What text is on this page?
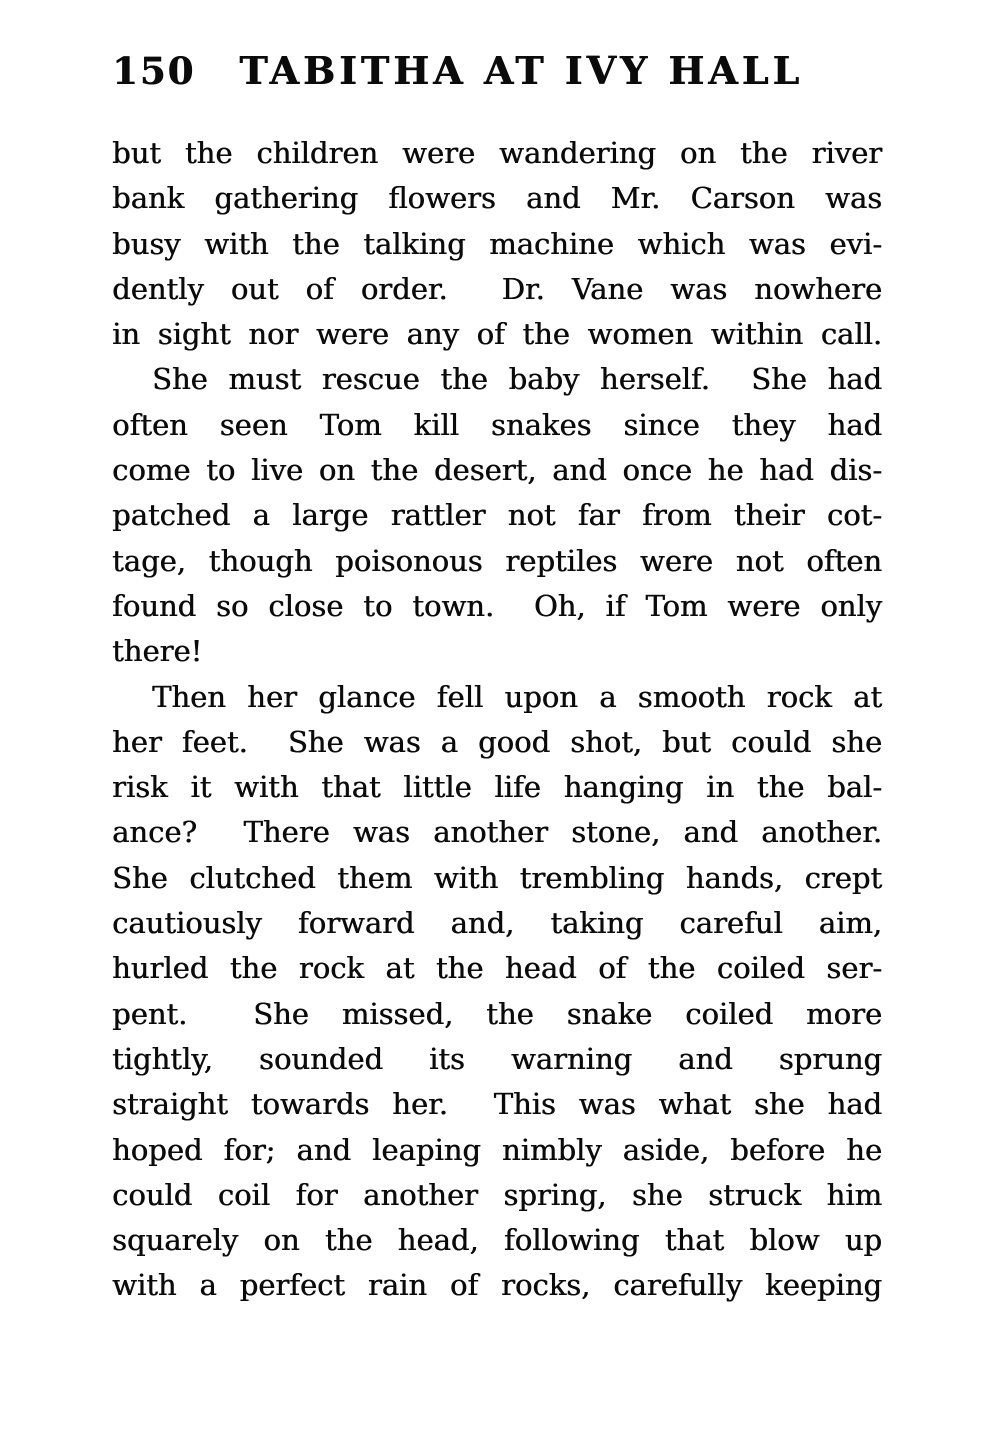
150 TABITHA AT IVY HALL
but the children were wandering on the river
bank gathering flowers and Mr. Carson was
busy with the talking machine which was evi-
dently out of order.  Dr. Vane was nowhere
in sight nor were any of the women within call.
She must rescue the baby herself.  She had
often seen Tom kill snakes since they had
come to live on the desert, and once he had dis-
patched a large rattler not far from their cot-
tage, though poisonous reptiles were not often
found so close to town.  Oh, if Tom were only
there!
Then her glance fell upon a smooth rock at
her feet.  She was a good shot, but could she
risk it with that little life hanging in the bal-
ance?  There was another stone, and another.
She clutched them with trembling hands, crept
cautiously forward and, taking careful aim,
hurled the rock at the head of the coiled ser-
pent.  She missed, the snake coiled more
tightly, sounded its warning and sprung
straight towards her.  This was what she had
hoped for; and leaping nimbly aside, before he
could coil for another spring, she struck him
squarely on the head, following that blow up
with a perfect rain of rocks, carefully keeping
